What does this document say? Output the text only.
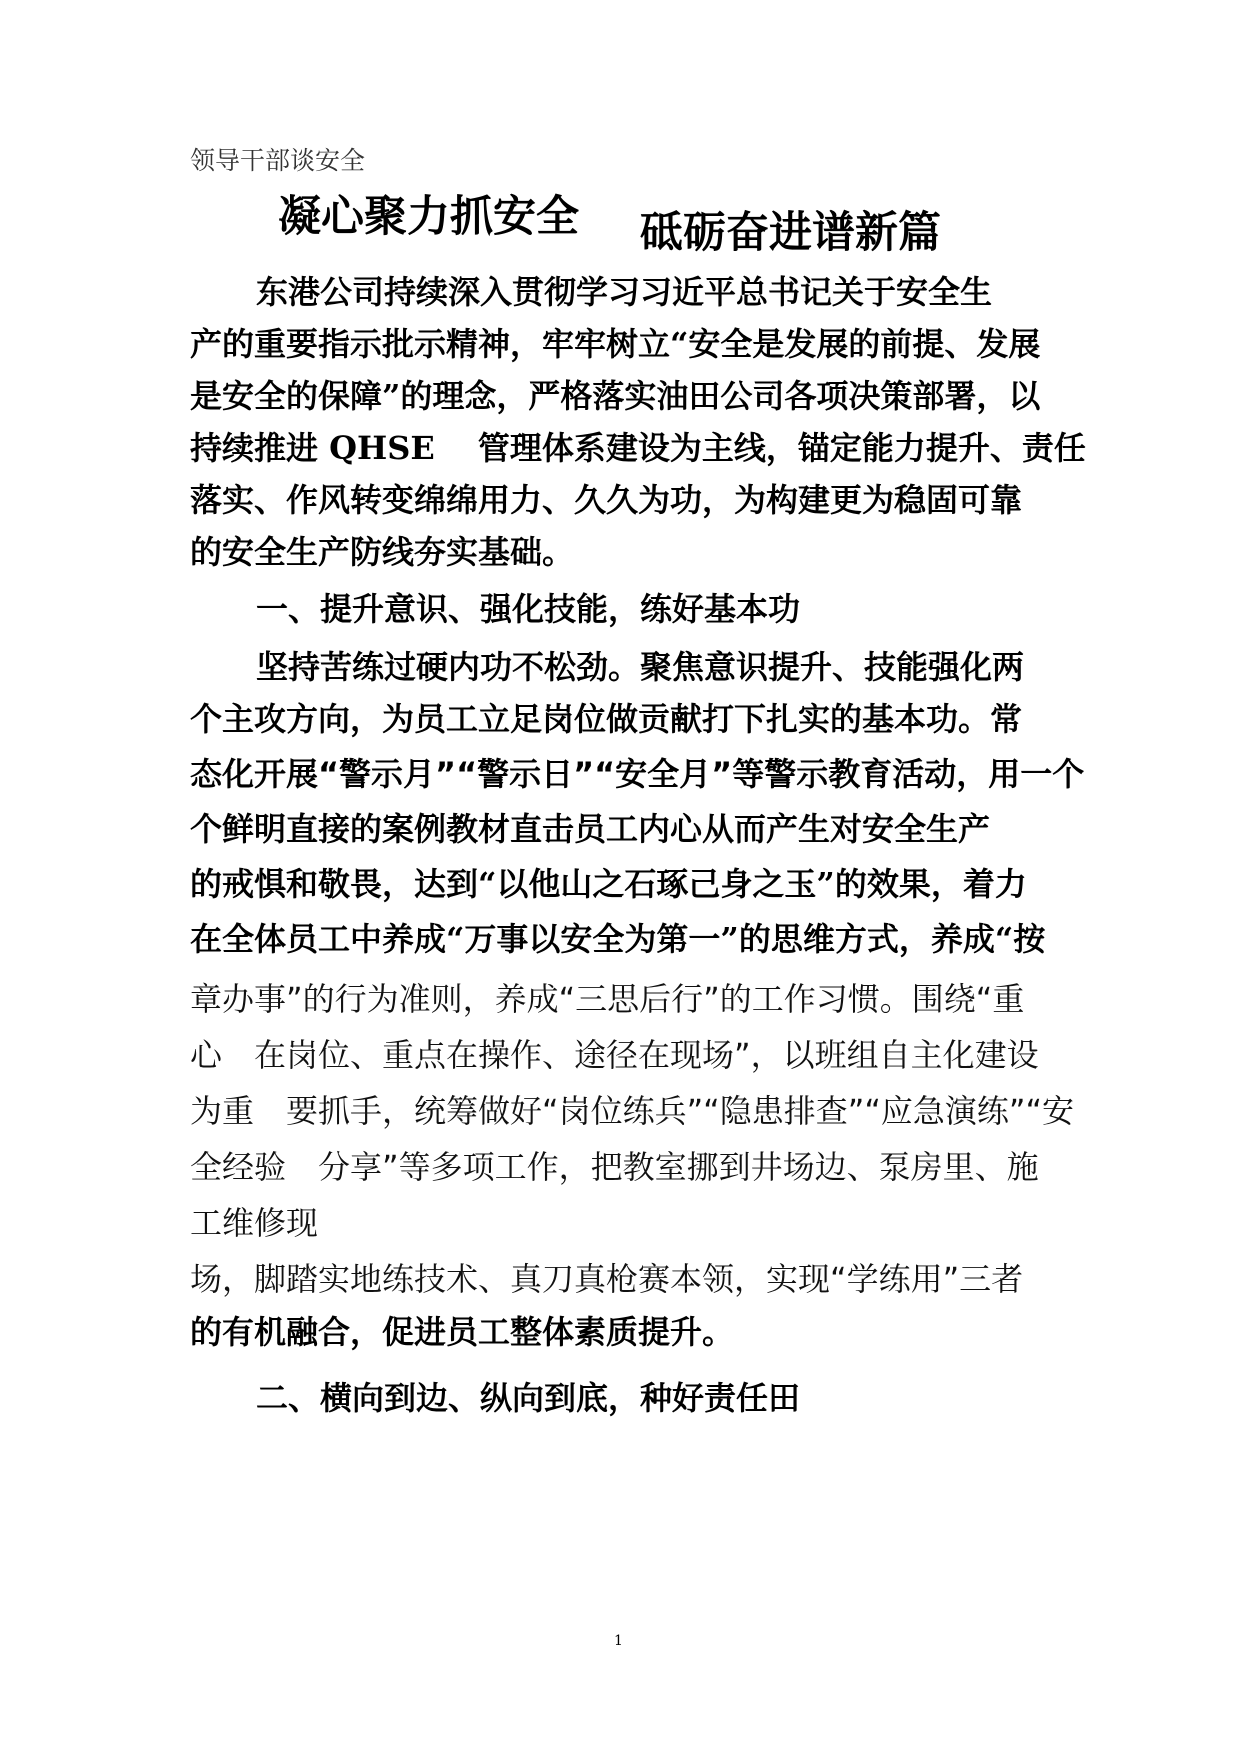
领导干部谈安全
凝心聚力抓安全 砥砺奋进谱新篇
东港公司持续深入贯彻学习习近平总书记关于安全生
产的重要指示批示精神，牢牢树立“安全是发展的前提、发展
是安全的保障”的理念，严格落实油田公司各项决策部署，以
持续推进 QHSE　 管理体系建设为主线，锚定能力提升、责任
落实、作风转变绵绵用力、久久为功，为构建更为稳固可靠
的安全生产防线夯实基础。
一、提升意识、强化技能，练好基本功
坚持苦练过硬内功不松劲。聚焦意识提升、技能强化两
个主攻方向，为员工立足岗位做贡献打下扎实的基本功。常
态化开展“警示月”“警示日”“安全月”等警示教育活动，用一个
个鲜明直接的案例教材直击员工内心从而产生对安全生产
的戒惧和敬畏，达到“以他山之石琢己身之玉”的效果，着力
在全体员工中养成“万事以安全为第一”的思维方式，养成“按
章办事”的行为准则，养成“三思后行”的工作习惯。围绕“重
心　在岗位、重点在操作、途径在现场”，以班组自主化建设
为重　要抓手，统筹做好“岗位练兵”“隐患排查”“应急演练”“安
全经验　分享”等多项工作，把教室挪到井场边、泵房里、施
工维修现
场，脚踏实地练技术、真刀真枪赛本领，实现“学练用”三者
的有机融合，促进员工整体素质提升。
二、横向到边、纵向到底，种好责任田
1
